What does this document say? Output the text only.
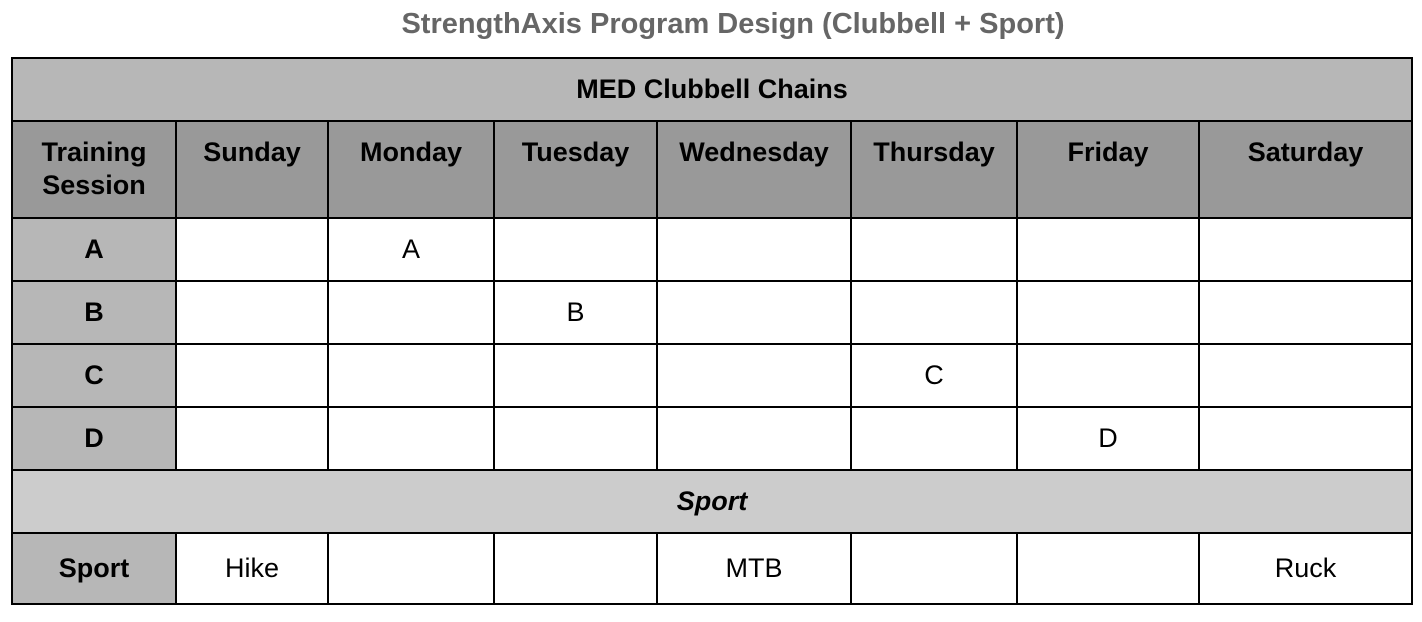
StrengthAxis Program Design (Clubbell + Sport)
MED Clubbell Chains							
Training Session	Sunday	Monday	Tuesday	Wednesday	Thursday	Friday	Saturday
A		A					
B			B				
C					C		
D						D	
Sport							
Sport	Hike			MTB			Ruck
